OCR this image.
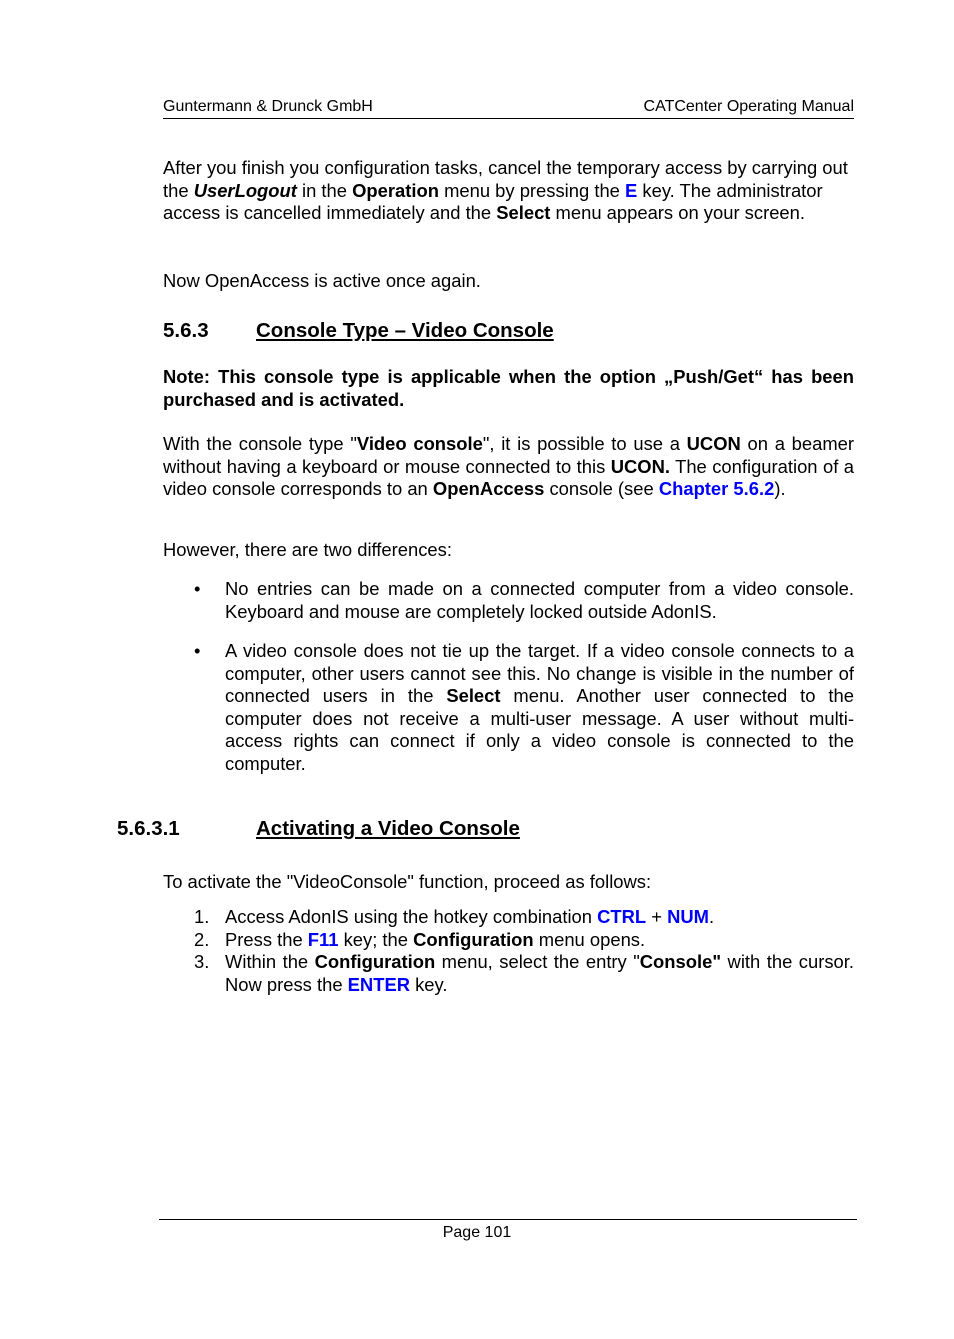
Guntermann & Drunck GmbH	CATCenter Operating Manual

After you finish you configuration tasks, cancel the temporary access by carrying out the UserLogout in the Operation menu by pressing the E key. The administrator access is cancelled immediately and the Select menu appears on your screen.

Now OpenAccess is active once again.

5.6.3 Console Type – Video Console

Note: This console type is applicable when the option „Push/Get“ has been purchased and is activated.

With the console type "Video console", it is possible to use a UCON on a beamer without having a keyboard or mouse connected to this UCON. The configuration of a video console corresponds to an OpenAccess console (see Chapter 5.6.2).

However, there are two differences:

• No entries can be made on a connected computer from a video console. Keyboard and mouse are completely locked outside AdonIS.

• A video console does not tie up the target. If a video console connects to a computer, other users cannot see this. No change is visible in the number of connected users in the Select menu. Another user connected to the computer does not receive a multi-user message. A user without multi-access rights can connect if only a video console is connected to the computer.

5.6.3.1	Activating a Video Console

To activate the "VideoConsole" function, proceed as follows:

1. Access AdonIS using the hotkey combination CTRL + NUM.

2. Press the F11 key; the Configuration menu opens.

3. Within the Configuration menu, select the entry "Console" with the cursor. Now press the ENTER key.

Page 101
